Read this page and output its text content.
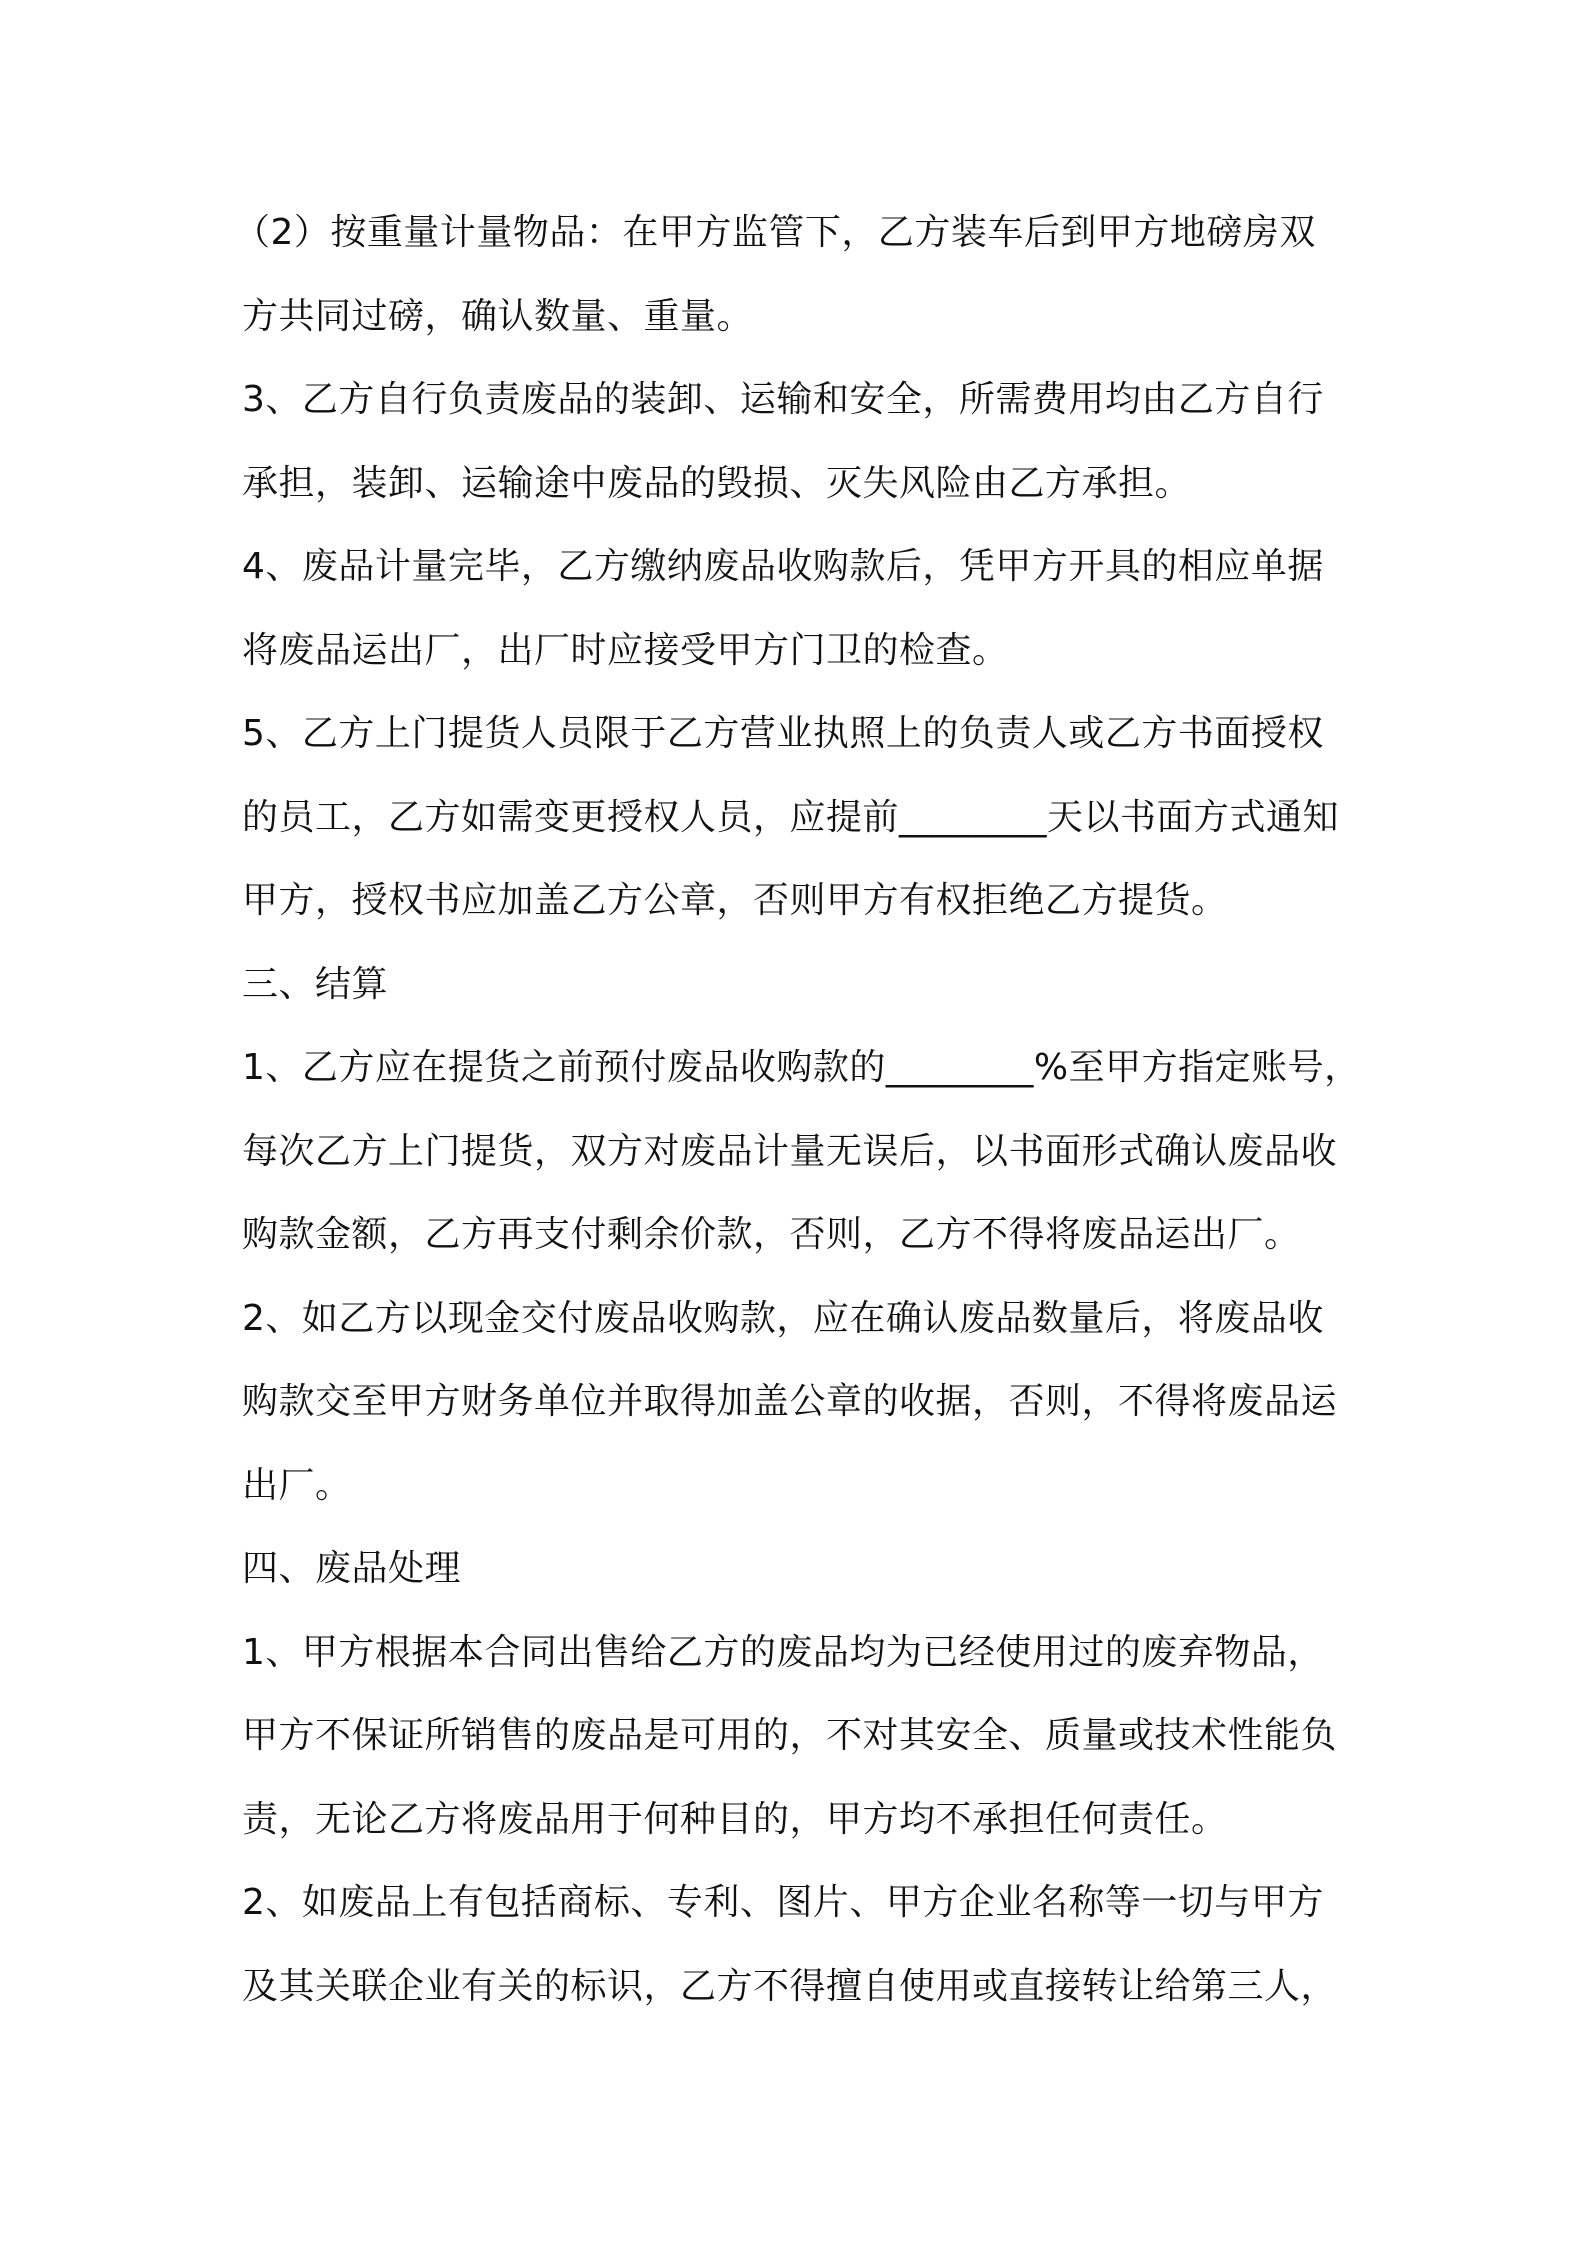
（2）按重量计量物品：在甲方监管下，乙方装车后到甲方地磅房双
方共同过磅，确认数量、重量。
3、乙方自行负责废品的装卸、运输和安全，所需费用均由乙方自行
承担，装卸、运输途中废品的毁损、灭失风险由乙方承担。
4、废品计量完毕，乙方缴纳废品收购款后，凭甲方开具的相应单据
将废品运出厂，出厂时应接受甲方门卫的检查。
5、乙方上门提货人员限于乙方营业执照上的负责人或乙方书面授权
的员工，乙方如需变更授权人员，应提前________天以书面方式通知
甲方，授权书应加盖乙方公章，否则甲方有权拒绝乙方提货。
三、结算
1、乙方应在提货之前预付废品收购款的________%至甲方指定账号，
每次乙方上门提货，双方对废品计量无误后，以书面形式确认废品收
购款金额，乙方再支付剩余价款，否则，乙方不得将废品运出厂。
2、如乙方以现金交付废品收购款，应在确认废品数量后，将废品收
购款交至甲方财务单位并取得加盖公章的收据，否则，不得将废品运
出厂。
四、废品处理
1、甲方根据本合同出售给乙方的废品均为已经使用过的废弃物品，
甲方不保证所销售的废品是可用的，不对其安全、质量或技术性能负
责，无论乙方将废品用于何种目的，甲方均不承担任何责任。
2、如废品上有包括商标、专利、图片、甲方企业名称等一切与甲方
及其关联企业有关的标识，乙方不得擅自使用或直接转让给第三人，
